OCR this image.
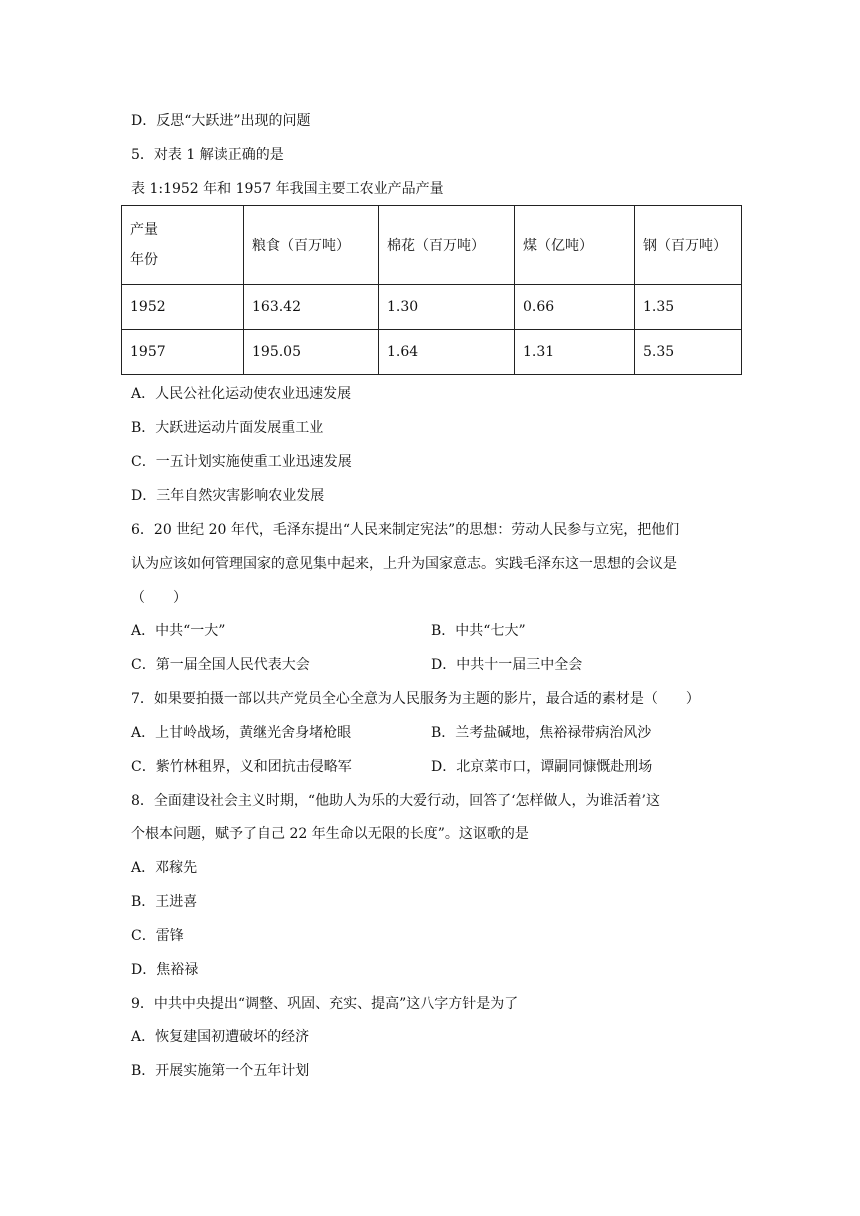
D．反思“大跃进”出现的问题
5．对表 1 解读正确的是
表 1:1952 年和 1957 年我国主要工农业产品产量
产量
年份	粮食（百万吨）	棉花（百万吨）	煤（亿吨）	钢（百万吨）
1952	163.42	1.30	0.66	1.35
1957	195.05	1.64	1.31	5.35
A．人民公社化运动使农业迅速发展
B．大跃进运动片面发展重工业
C．一五计划实施使重工业迅速发展
D．三年自然灾害影响农业发展
6．20 世纪 20 年代，毛泽东提出“人民来制定宪法”的思想：劳动人民参与立宪，把他们
认为应该如何管理国家的意见集中起来，上升为国家意志。实践毛泽东这一思想的会议是
（　　）
A．中共“一大”	B．中共“七大”
C．第一届全国人民代表大会	D．中共十一届三中全会
7．如果要拍摄一部以共产党员全心全意为人民服务为主题的影片，最合适的素材是（　　）
A．上甘岭战场，黄继光舍身堵枪眼	B．兰考盐碱地，焦裕禄带病治风沙
C．紫竹林租界，义和团抗击侵略军	D．北京菜市口，谭嗣同慷慨赴刑场
8．全面建设社会主义时期，“他助人为乐的大爱行动，回答了‘怎样做人，为谁活着’这
个根本问题，赋予了自己 22 年生命以无限的长度”。这讴歌的是
A．邓稼先
B．王进喜
C．雷锋
D．焦裕禄
9．中共中央提出“调整、巩固、充实、提高”这八字方针是为了
A．恢复建国初遭破坏的经济
B．开展实施第一个五年计划
